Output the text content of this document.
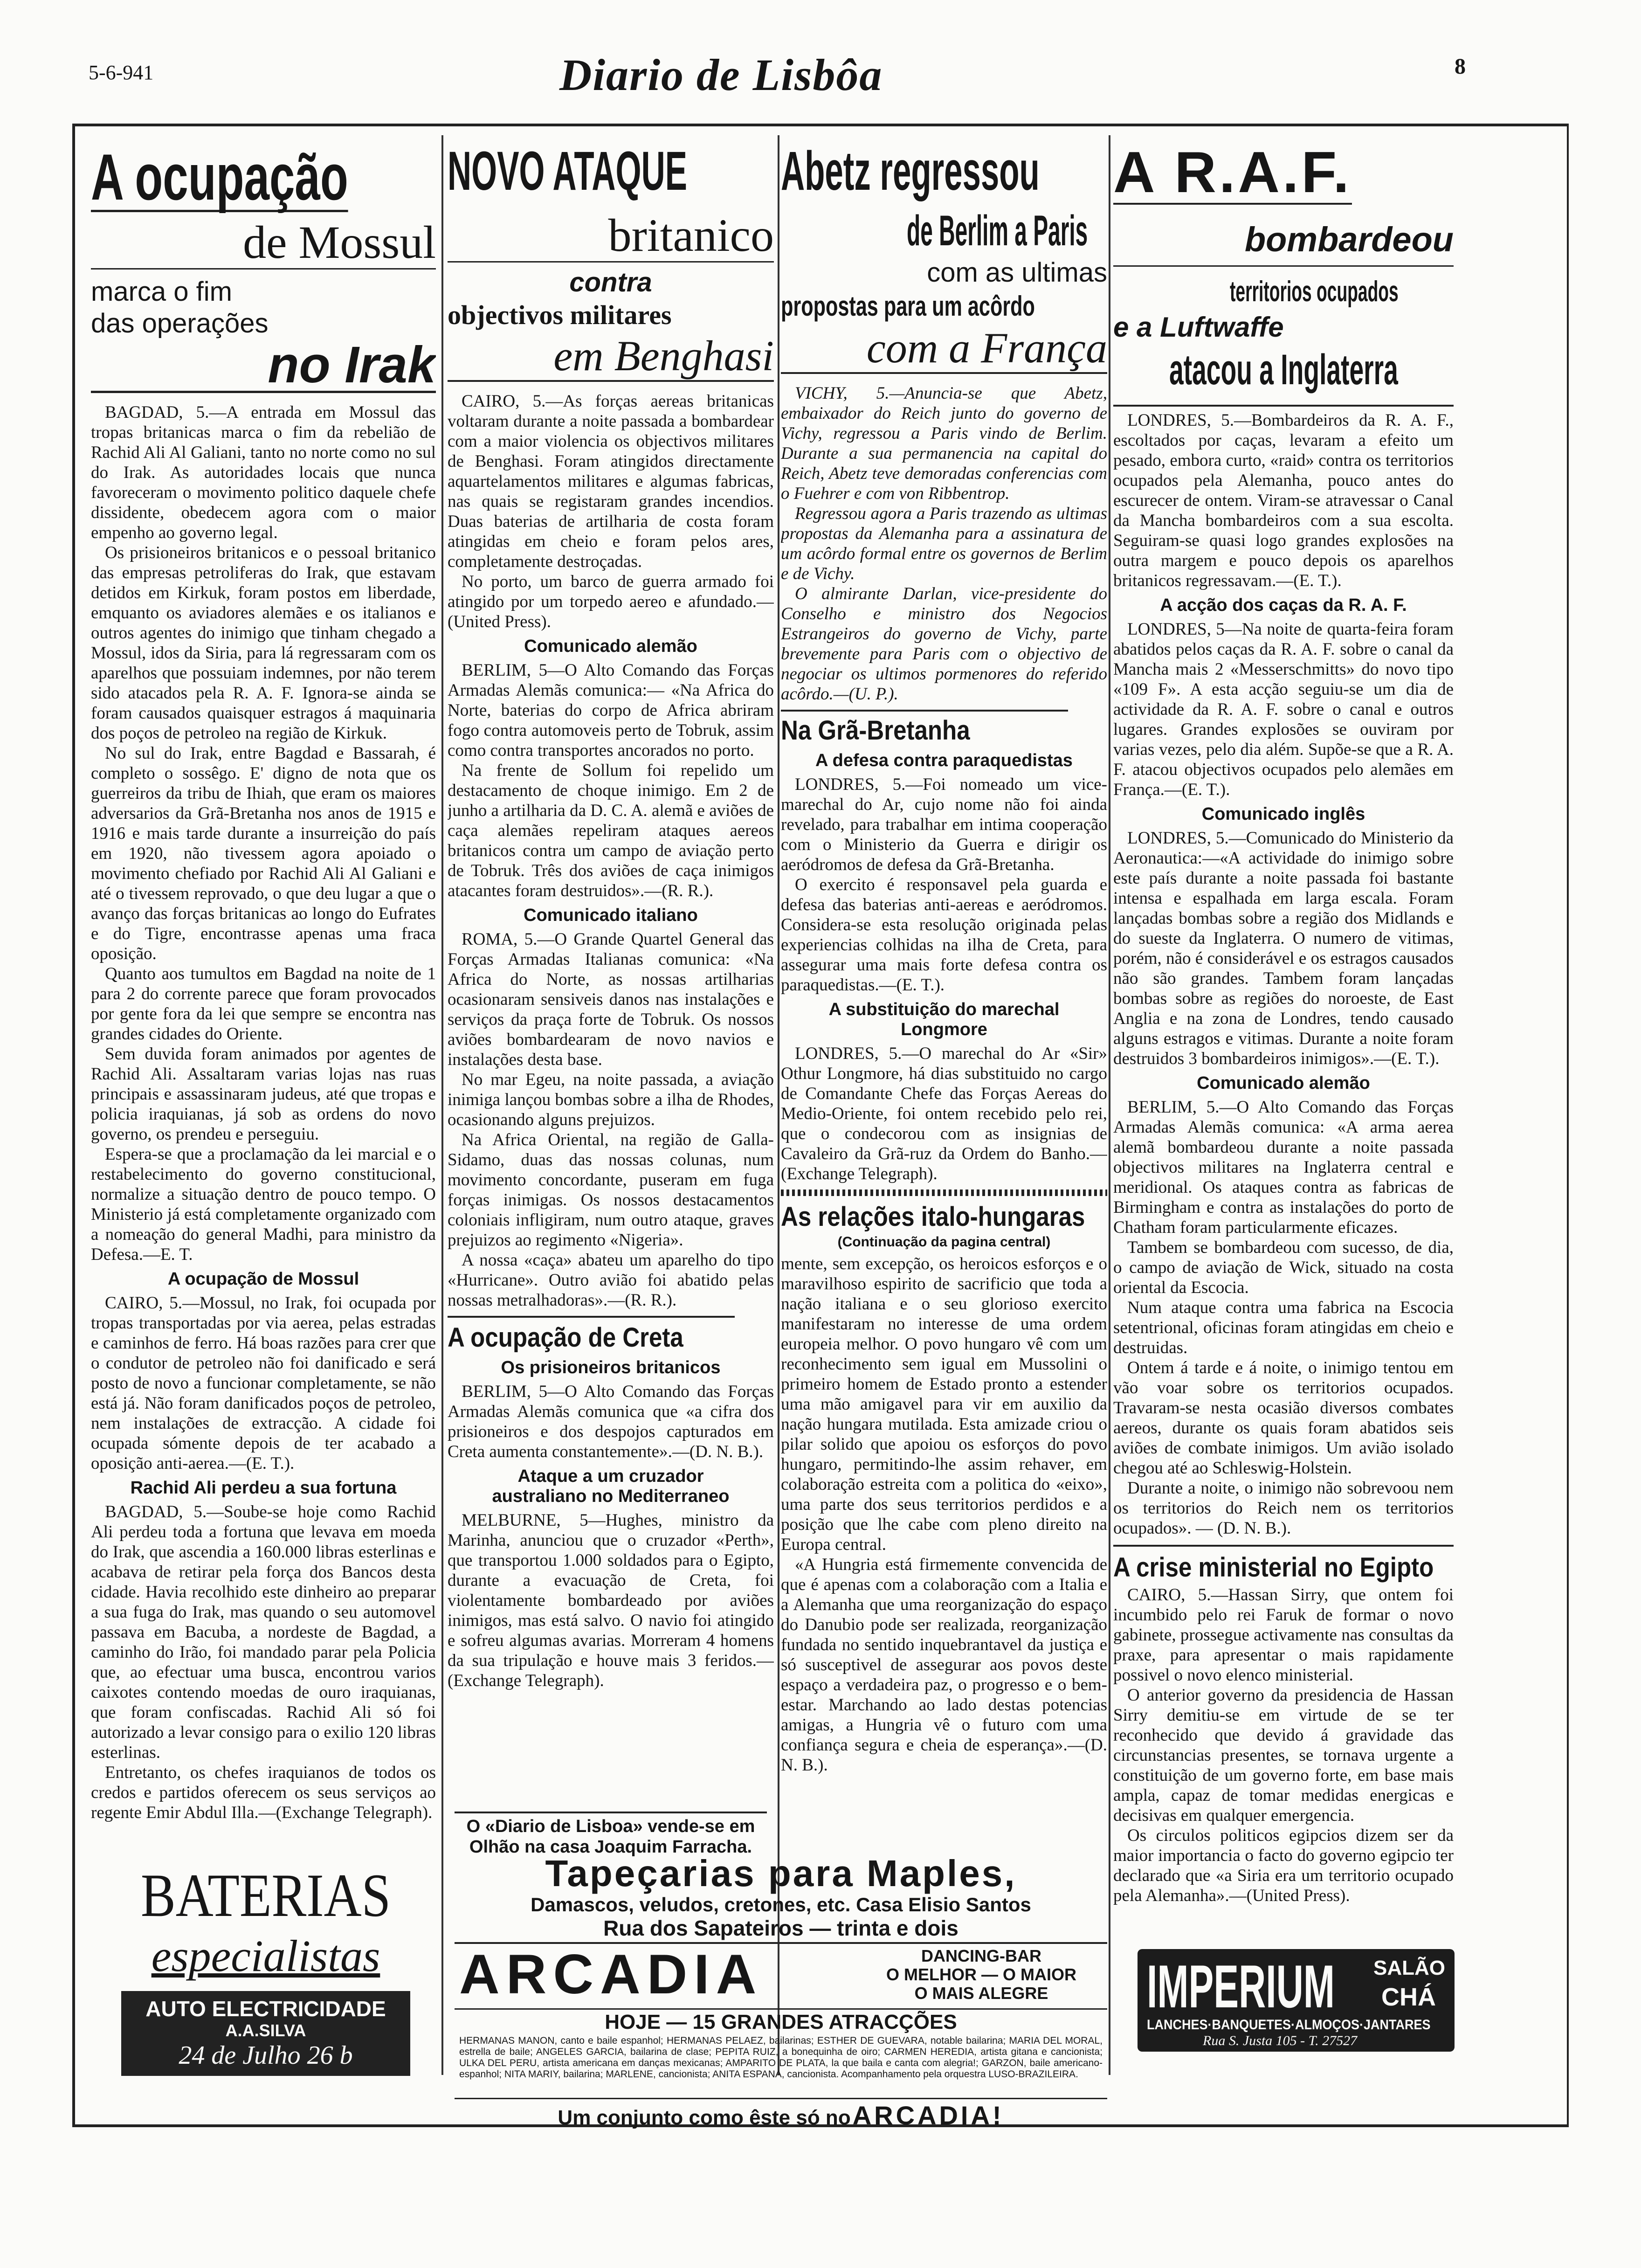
5-6-941	Diario de Lisbôa	8
A ocupação
de Mossul
marca o fim
das operações
no Irak

BAGDAD, 5.—A entrada em Mossul das tropas britanicas marca o fim da rebelião de Rachid Ali Al Galiani, tanto no norte como no sul do Irak. As autoridades locais que nunca favoreceram o movimento politico daquele chefe dissidente, obedecem agora com o maior empenho ao governo legal.

Os prisioneiros britanicos e o pessoal britanico das empresas petroliferas do Irak, que estavam detidos em Kirkuk, foram postos em liberdade, emquanto os aviadores alemães e os italianos e outros agentes do inimigo que tinham chegado a Mossul, idos da Siria, para lá regressaram com os aparelhos que possuiam indemnes, por não terem sido atacados pela R. A. F. Ignora-se ainda se foram causados quaisquer estragos á maquinaria dos poços de petroleo na região de Kirkuk.

No sul do Irak, entre Bagdad e Bassarah, é completo o sossêgo. E' digno de nota que os guerreiros da tribu de Ihiah, que eram os maiores adversarios da Grã-Bretanha nos anos de 1915 e 1916 e mais tarde durante a insurreição do país em 1920, não tivessem agora apoiado o movimento chefiado por Rachid Ali Al Galiani e até o tivessem reprovado, o que deu lugar a que o avanço das forças britanicas ao longo do Eufrates e do Tigre, encontrasse apenas uma fraca oposição.

Quanto aos tumultos em Bagdad na noite de 1 para 2 do corrente parece que foram provocados por gente fora da lei que sempre se encontra nas grandes cidades do Oriente.

Sem duvida foram animados por agentes de Rachid Ali. Assaltaram varias lojas nas ruas principais e assassinaram judeus, até que tropas e policia iraquianas, já sob as ordens do novo governo, os prendeu e perseguiu.

Espera-se que a proclamação da lei marcial e o restabelecimento do governo constitucional, normalize a situação dentro de pouco tempo. O Ministerio já está completamente organizado com a nomeação do general Madhi, para ministro da Defesa.—E. T.

A ocupação de Mossul

CAIRO, 5.—Mossul, no Irak, foi ocupada por tropas transportadas por via aerea, pelas estradas e caminhos de ferro. Há boas razões para crer que o condutor de petroleo não foi danificado e será posto de novo a funcionar completamente, se não está já. Não foram danificados poços de petroleo, nem instalações de extracção. A cidade foi ocupada sómente depois de ter acabado a oposição anti-aerea.—(E. T.).

Rachid Ali perdeu a sua fortuna

BAGDAD, 5.—Soube-se hoje como Rachid Ali perdeu toda a fortuna que levava em moeda do Irak, que ascendia a 160.000 libras esterlinas e acabava de retirar pela força dos Bancos desta cidade. Havia recolhido este dinheiro ao preparar a sua fuga do Irak, mas quando o seu automovel passava em Bacuba, a nordeste de Bagdad, a caminho do Irão, foi mandado parar pela Policia que, ao efectuar uma busca, encontrou varios caixotes contendo moedas de ouro iraquianas, que foram confiscadas. Rachid Ali só foi autorizado a levar consigo para o exilio 120 libras esterlinas.

Entretanto, os chefes iraquianos de todos os credos e partidos oferecem os seus serviços ao regente Emir Abdul Illa.—(Exchange Telegraph).

NOVO ATAQUE
britanico
contra
objectivos militares
em Benghasi

CAIRO, 5.—As forças aereas britanicas voltaram durante a noite passada a bombardear com a maior violencia os objectivos militares de Benghasi. Foram atingidos directamente aquartelamentos militares e algumas fabricas, nas quais se registaram grandes incendios. Duas baterias de artilharia de costa foram atingidas em cheio e foram pelos ares, completamente destroçadas.

No porto, um barco de guerra armado foi atingido por um torpedo aereo e afundado.—(United Press).

Comunicado alemão

BERLIM, 5—O Alto Comando das Forças Armadas Alemãs comunica:— «Na Africa do Norte, baterias do corpo de Africa abriram fogo contra automoveis perto de Tobruk, assim como contra transportes ancorados no porto.

Na frente de Sollum foi repelido um destacamento de choque inimigo. Em 2 de junho a artilharia da D. C. A. alemã e aviões de caça alemães repeliram ataques aereos britanicos contra um campo de aviação perto de Tobruk. Três dos aviões de caça inimigos atacantes foram destruidos».—(R. R.).

Comunicado italiano

ROMA, 5.—O Grande Quartel General das Forças Armadas Italianas comunica: «Na Africa do Norte, as nossas artilharias ocasionaram sensiveis danos nas instalações e serviços da praça forte de Tobruk. Os nossos aviões bombardearam de novo navios e instalações desta base.

No mar Egeu, na noite passada, a aviação inimiga lançou bombas sobre a ilha de Rhodes, ocasionando alguns prejuizos.

Na Africa Oriental, na região de Galla-Sidamo, duas das nossas colunas, num movimento concordante, puseram em fuga forças inimigas. Os nossos destacamentos coloniais infligiram, num outro ataque, graves prejuizos ao regimento «Nigeria».

A nossa «caça» abateu um aparelho do tipo «Hurricane». Outro avião foi abatido pelas nossas metralhadoras».—(R. R.).

A ocupação de Creta
Os prisioneiros britanicos

BERLIM, 5—O Alto Comando das Forças Armadas Alemãs comunica que «a cifra dos prisioneiros e dos despojos capturados em Creta aumenta constantemente».—(D. N. B.).

Ataque a um cruzador
australiano no Mediterraneo

MELBURNE, 5—Hughes, ministro da Marinha, anunciou que o cruzador «Perth», que transportou 1.000 soldados para o Egipto, durante a evacuação de Creta, foi violentamente bombardeado por aviões inimigos, mas está salvo. O navio foi atingido e sofreu algumas avarias. Morreram 4 homens da sua tripulação e houve mais 3 feridos.—(Exchange Telegraph).

O «Diario de Lisboa» vende-se em Olhão na casa Joaquim Farracha.
Abetz regressou
de Berlim a Paris
com as ultimas
propostas para um acôrdo
com a França

VICHY, 5.—Anuncia-se que Abetz, embaixador do Reich junto do governo de Vichy, regressou a Paris vindo de Berlim. Durante a sua permanencia na capital do Reich, Abetz teve demoradas conferencias com o Fuehrer e com von Ribbentrop.

Regressou agora a Paris trazendo as ultimas propostas da Alemanha para a assinatura de um acôrdo formal entre os governos de Berlim e de Vichy.

O almirante Darlan, vice-presidente do Conselho e ministro dos Negocios Estrangeiros do governo de Vichy, parte brevemente para Paris com o objectivo de negociar os ultimos pormenores do referido acôrdo.—(U. P.).

Na Grã-Bretanha
A defesa contra paraquedistas

LONDRES, 5.—Foi nomeado um vice-marechal do Ar, cujo nome não foi ainda revelado, para trabalhar em intima cooperação com o Ministerio da Guerra e dirigir os aeródromos de defesa da Grã-Bretanha.

O exercito é responsavel pela guarda e defesa das baterias anti-aereas e aeródromos. Considera-se esta resolução originada pelas experiencias colhidas na ilha de Creta, para assegurar uma mais forte defesa contra os paraquedistas.—(E. T.).

A substituição do marechal
Longmore

LONDRES, 5.—O marechal do Ar «Sir» Othur Longmore, há dias substituido no cargo de Comandante Chefe das Forças Aereas do Medio-Oriente, foi ontem recebido pelo rei, que o condecorou com as insignias de Cavaleiro da Grã-ruz da Ordem do Banho.—(Exchange Telegraph).

As relações italo-hungaras
(Continuação da pagina central)

mente, sem excepção, os heroicos esforços e o maravilhoso espirito de sacrificio que toda a nação italiana e o seu glorioso exercito manifestaram no interesse de uma ordem europeia melhor. O povo hungaro vê com um reconhecimento sem igual em Mussolini o primeiro homem de Estado pronto a estender uma mão amigavel para vir em auxilio da nação hungara mutilada. Esta amizade criou o pilar solido que apoiou os esforços do povo hungaro, permitindo-lhe assim rehaver, em colaboração estreita com a politica do «eixo», uma parte dos seus territorios perdidos e a posição que lhe cabe com pleno direito na Europa central.

«A Hungria está firmemente convencida de que é apenas com a colaboração com a Italia e a Alemanha que uma reorganização do espaço do Danubio pode ser realizada, reorganização fundada no sentido inquebrantavel da justiça e só susceptivel de assegurar aos povos deste espaço a verdadeira paz, o progresso e o bem-estar. Marchando ao lado destas potencias amigas, a Hungria vê o futuro com uma confiança segura e cheia de esperança».—(D. N. B.).

A R.A.F.
bombardeou
territorios ocupados
e a Luftwaffe
atacou a Inglaterra

LONDRES, 5.—Bombardeiros da R. A. F., escoltados por caças, levaram a efeito um pesado, embora curto, «raid» contra os territorios ocupados pela Alemanha, pouco antes do escurecer de ontem. Viram-se atravessar o Canal da Mancha bombardeiros com a sua escolta. Seguiram-se quasi logo grandes explosões na outra margem e pouco depois os aparelhos britanicos regressavam.—(E. T.).

A acção dos caças da R. A. F.

LONDRES, 5—Na noite de quarta-feira foram abatidos pelos caças da R. A. F. sobre o canal da Mancha mais 2 «Messerschmitts» do novo tipo «109 F». A esta acção seguiu-se um dia de actividade da R. A. F. sobre o canal e outros lugares. Grandes explosões se ouviram por varias vezes, pelo dia além. Supõe-se que a R. A. F. atacou objectivos ocupados pelo alemães em França.—(E. T.).

Comunicado inglês

LONDRES, 5.—Comunicado do Ministerio da Aeronautica:—«A actividade do inimigo sobre este país durante a noite passada foi bastante intensa e espalhada em larga escala. Foram lançadas bombas sobre a região dos Midlands e do sueste da Inglaterra. O numero de vitimas, porém, não é considerável e os estragos causados não são grandes. Tambem foram lançadas bombas sobre as regiões do noroeste, de East Anglia e na zona de Londres, tendo causado alguns estragos e vitimas. Durante a noite foram destruidos 3 bombardeiros inimigos».—(E. T.).

Comunicado alemão

BERLIM, 5.—O Alto Comando das Forças Armadas Alemãs comunica: «A arma aerea alemã bombardeou durante a noite passada objectivos militares na Inglaterra central e meridional. Os ataques contra as fabricas de Birmingham e contra as instalações do porto de Chatham foram particularmente eficazes.

Tambem se bombardeou com sucesso, de dia, o campo de aviação de Wick, situado na costa oriental da Escocia.

Num ataque contra uma fabrica na Escocia setentrional, oficinas foram atingidas em cheio e destruidas.

Ontem á tarde e á noite, o inimigo tentou em vão voar sobre os territorios ocupados. Travaram-se nesta ocasião diversos combates aereos, durante os quais foram abatidos seis aviões de combate inimigos. Um avião isolado chegou até ao Schleswig-Holstein.

Durante a noite, o inimigo não sobrevoou nem os territorios do Reich nem os territorios ocupados». — (D. N. B.).

A crise ministerial no Egipto

CAIRO, 5.—Hassan Sirry, que ontem foi incumbido pelo rei Faruk de formar o novo gabinete, prossegue activamente nas consultas da praxe, para apresentar o mais rapidamente possivel o novo elenco ministerial.

O anterior governo da presidencia de Hassan Sirry demitiu-se em virtude de se ter reconhecido que devido á gravidade das circunstancias presentes, se tornava urgente a constituição de um governo forte, em base mais ampla, capaz de tomar medidas energicas e decisivas em qualquer emergencia.

Os circulos politicos egipcios dizem ser da maior importancia o facto do governo egipcio ter declarado que «a Siria era um territorio ocupado pela Alemanha».—(United Press).

BATERIAS
especialistas
AUTO ELECTRICIDADE
A.A.SILVA
24 de Julho 26 b
Tapeçarias para Maples,
Damascos, veludos, cretones, etc. Casa Elisio Santos
Rua dos Sapateiros — trinta e dois
ARCADIA	DANCING-BAR
O MELHOR — O MAIOR
O MAIS ALEGRE
HOJE — 15 GRANDES ATRACÇÕES
HERMANAS MANON, canto e baile espanhol; HERMANAS PELAEZ, bailarinas; ESTHER DE GUEVARA, notable bailarina; MARIA DEL MORAL, estrella de baile; ANGELES GARCIA, bailarina de clase; PEPITA RUIZ, a bonequinha de oiro; CARMEN HEREDIA, artista gitana e cancionista; ULKA DEL PERU, artista americana em danças mexicanas; AMPARITO DE PLATA, la que baila e canta com alegria!; GARZON, baile americano-espanhol; NITA MARIY, bailarina; MARLENE, cancionista; ANITA ESPANA, cancionista. Acompanhamento pela orquestra LUSO-BRAZILEIRA.
Um conjunto como êste só no ARCADIA!
IMPERIUM SALÃO
CHÁ
LANCHES·BANQUETES·ALMOÇOS·JANTARES
Rua S. Justa 105 - T. 27527
